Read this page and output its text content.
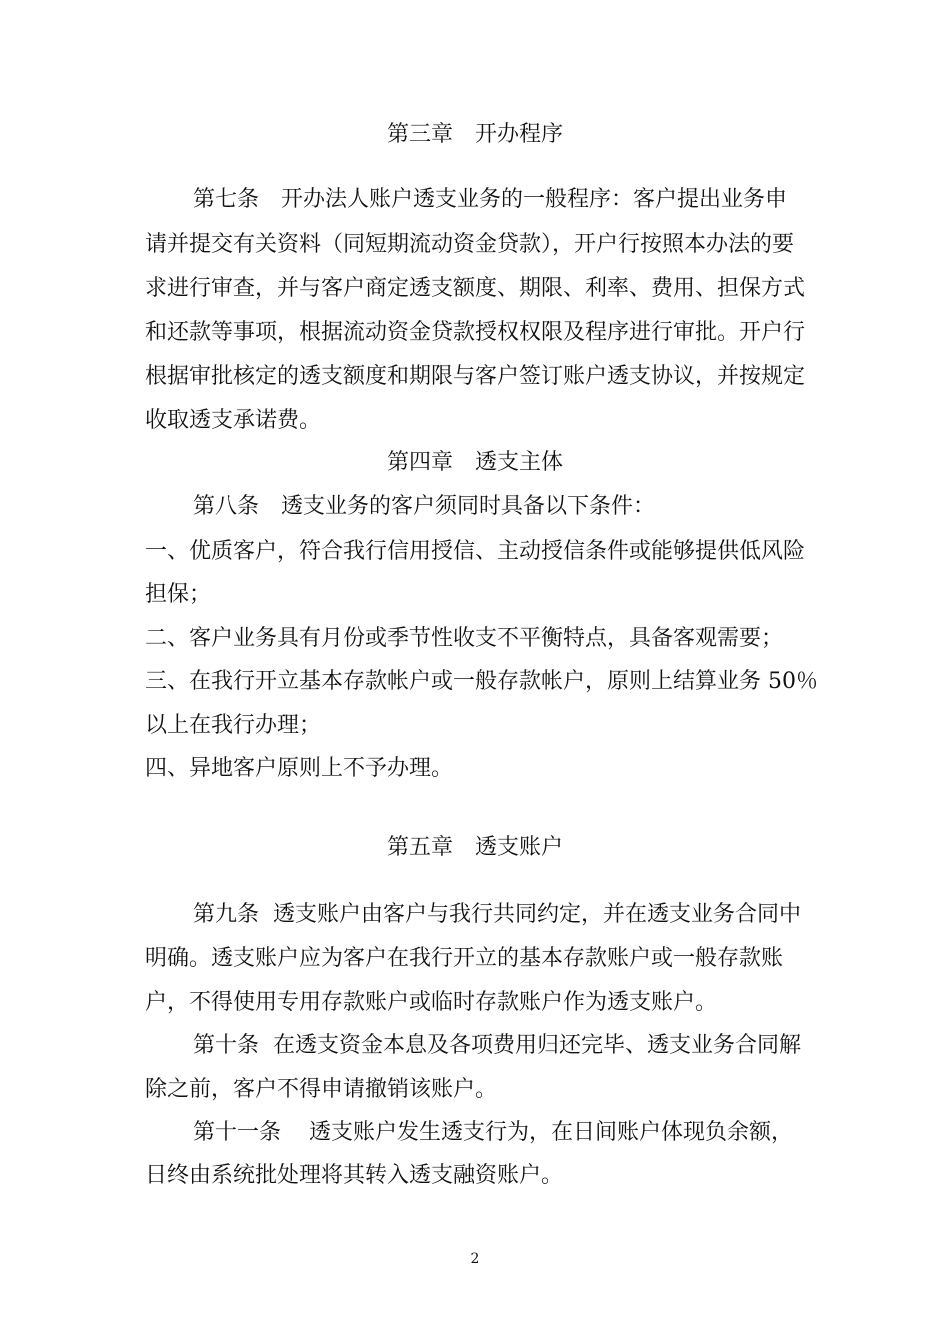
第三章　开办程序
第七条　开办法人账户透支业务的一般程序：客户提出业务申
请并提交有关资料（同短期流动资金贷款），开户行按照本办法的要
求进行审查，并与客户商定透支额度、期限、利率、费用、担保方式
和还款等事项，根据流动资金贷款授权权限及程序进行审批。开户行
根据审批核定的透支额度和期限与客户签订账户透支协议，并按规定
收取透支承诺费。
第四章　透支主体
第八条　透支业务的客户须同时具备以下条件：
一、优质客户，符合我行信用授信、主动授信条件或能够提供低风险
担保；
二、客户业务具有月份或季节性收支不平衡特点，具备客观需要；
三、在我行开立基本存款帐户或一般存款帐户，原则上结算业务 50％
以上在我行办理；
四、异地客户原则上不予办理。
第五章　透支账户
第九条  透支账户由客户与我行共同约定，并在透支业务合同中
明确。透支账户应为客户在我行开立的基本存款账户或一般存款账
户，不得使用专用存款账户或临时存款账户作为透支账户。
第十条  在透支资金本息及各项费用归还完毕、透支业务合同解
除之前，客户不得申请撤销该账户。
第十一条    透支账户发生透支行为，在日间账户体现负余额，
日终由系统批处理将其转入透支融资账户。
2
